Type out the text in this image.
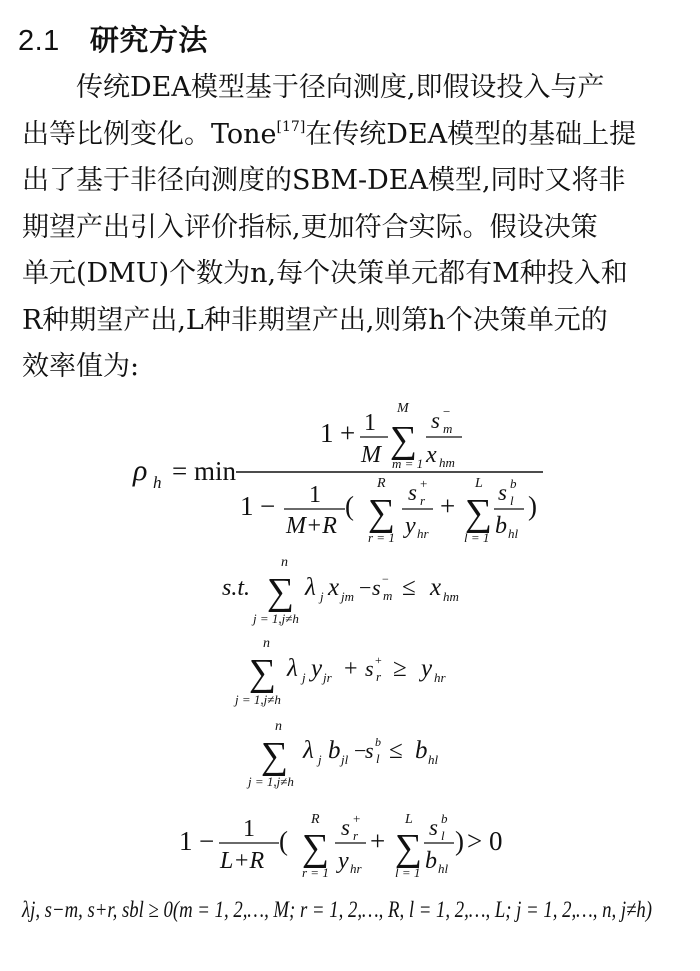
2.1 研究方法
传统DEA模型基于径向测度,即假设投入与产
出等比例变化。Tone[17]在传统DEA模型的基础上提
出了基于非径向测度的SBM-DEA模型,同时又将非
期望产出引入评价指标,更加符合实际。假设决策
单元(DMU)个数为n,每个决策单元都有M种投入和
R种期望产出,L种非期望产出,则第h个决策单元的
效率值为:
ρ h = min
1 + 1
M
M
∑
m = 1
s −
m
x hm
1 − 1
M+R
(
R
∑
r = 1
s +
r
y hr
+
L
∑
l = 1
s b
l
b hl
)
s.t.
n
∑
j = 1,j≠h
λ j x jm − s −
m ≤ x hm
n
∑
j = 1,j≠h
λ j y jr + s +
r ≥ y hr
n
∑
j = 1,j≠h
λ j b jl −
s b
l ≤ b hl
1 − 1
L+R
(
R
∑
r = 1
s +
r
y hr
+
L
∑
l = 1
s b
l
b hl
) > 0
λj, s−m, s+r, sbl ≥ 0(m = 1, 2,…, M; r = 1, 2,…, R, l = 1, 2,…, L; j = 1, 2,…, n, j≠h)
